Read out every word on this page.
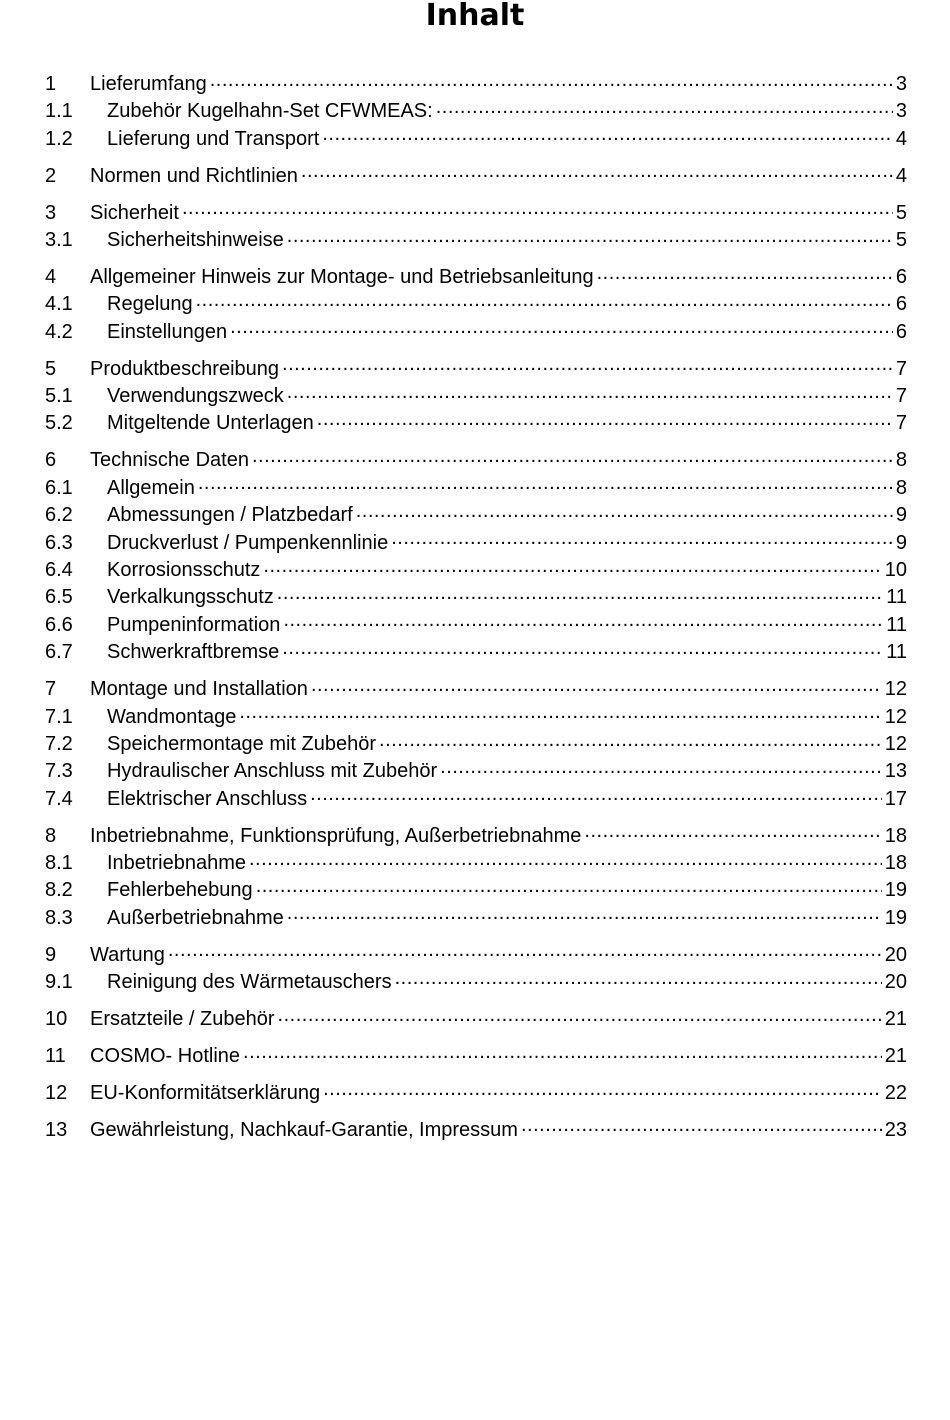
Inhalt
1	Lieferumfang .....	3
1.1	Zubehör Kugelhahn-Set CFWMEAS: .....	3
1.2	Lieferung und Transport .....	4
2	Normen und Richtlinien .....	4
3	Sicherheit .....	5
3.1	Sicherheitshinweise .....	5
4	Allgemeiner Hinweis zur Montage- und Betriebsanleitung .....	6
4.1	Regelung .....	6
4.2	Einstellungen .....	6
5	Produktbeschreibung .....	7
5.1	Verwendungszweck .....	7
5.2	Mitgeltende Unterlagen .....	7
6	Technische Daten .....	8
6.1	Allgemein .....	8
6.2	Abmessungen / Platzbedarf .....	9
6.3	Druckverlust / Pumpenkennlinie .....	9
6.4	Korrosionsschutz .....	10
6.5	Verkalkungsschutz .....	11
6.6	Pumpeninformation .....	11
6.7	Schwerkraftbremse .....	11
7	Montage und Installation .....	12
7.1	Wandmontage .....	12
7.2	Speichermontage mit Zubehör .....	12
7.3	Hydraulischer Anschluss mit Zubehör .....	13
7.4	Elektrischer Anschluss .....	17
8	Inbetriebnahme, Funktionsprüfung, Außerbetriebnahme .....	18
8.1	Inbetriebnahme .....	18
8.2	Fehlerbehebung .....	19
8.3	Außerbetriebnahme .....	19
9	Wartung .....	20
9.1	Reinigung des Wärmetauschers .....	20
10	Ersatzteile / Zubehör .....	21
11	COSMO- Hotline .....	21
12	EU-Konformitätserklärung .....	22
13	Gewährleistung, Nachkauf-Garantie, Impressum .....	23
